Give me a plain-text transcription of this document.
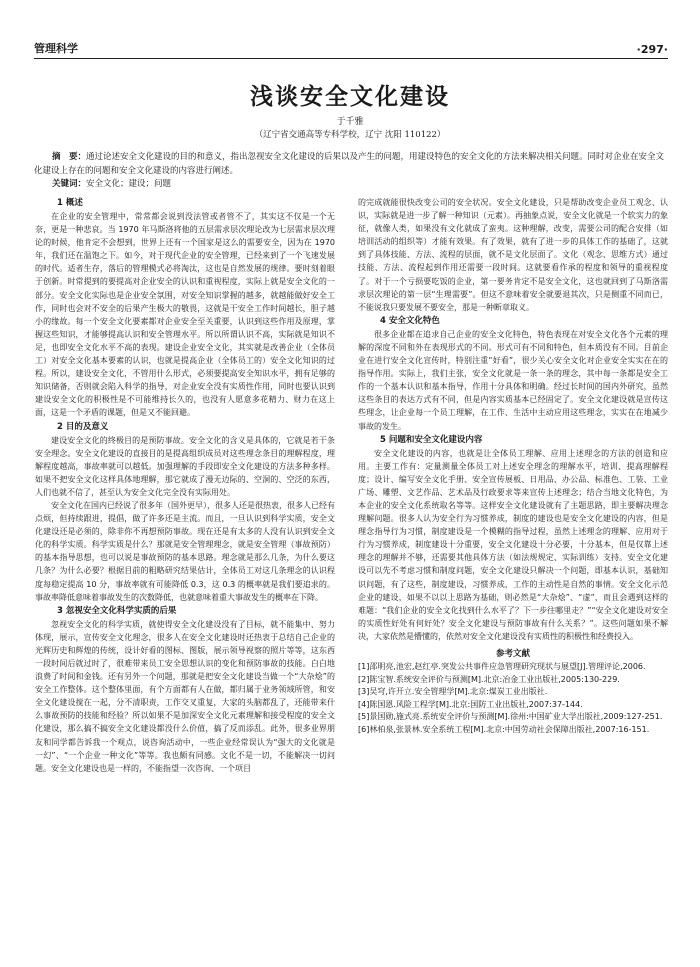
管理科学	·297·
浅谈安全文化建设
于千雅
（辽宁省交通高等专科学校，辽宁 沈阳 110122）
摘　要：通过论述安全文化建设的目的和意义，指出忽视安全文化建设的后果以及产生的问题，用建设特色的安全文化的方法来解决相关问题。同时对企业在安全文化建设上存在的问题和安全文化建设的内容进行阐述。
关键词：安全文化；建设；问题
1 概述

在企业的安全管理中，常常都会说到没法管或者管不了，其实这不仅是一个无奈，更是一种悲哀。当 1970 年马斯洛将他的五层需求层次理论改为七层需求层次理论的时候，他肯定不会想到，世界上还有一个国家是这么的需要安全，因为在 1970 年，我们还在温饱之下。如今，对于现代企业的安全管理，已经来到了一个飞速发展的时代。适者生存，落后的管理模式必将淘汰，这也是自然发展的规律。要时刻着眼于创新。时常提到的要提高对企业安全的认识和重视程度，实际上就是安全文化的一部分。安全文化实际也是企业安全氛围，对安全知识掌握的越多，就越能做好安全工作，同时也会对不安全的后果产生极大的敬畏，这就是干安全工作时间越长，胆子越小的缘故。每一个安全文化要素都对企业安全至关重要，认识到这些作用及原理，掌握这些知识，才能够提高认识和安全管理水平。所以所谓认识不高，实际就是知识不足，也即安全文化水平不高的表现。建设企业安全文化，其实就是改善企业（全体员工）对安全文化基本要素的认识，也就是提高企业（全体员工的）安全文化知识的过程。所以，建设安全文化，不管用什么形式，必须要提高安全知识水平，拥有足够的知识储备，否则就会陷入科学的指导，对企业安全没有实质性作用，同时也要认识到建设安全文化的积极性是不可能维持长久的，也没有人愿意多花精力、财力在这上面，这是一个矛盾的课题，但是又不能回避。

2 目的及意义

建设安全文化的终极目的是预防事故。安全文化的含义是具体的，它就是若干条安全理念。安全文化建设的直接目的是提高组织成员对这些理念条目的理解程度，理解程度越高，事故率就可以越低。加强理解的手段即安全文化建设的方法多种多样。如果不把安全文化这样具体地理解，那它就成了漫无边际的、空洞的、空泛的东西，人们也就不信了，甚至认为安全文化完全没有实际用处。

安全文化在国内已经说了很多年（国外更早），很多人还是很热衷，很多人已经有点烦，但持续跟进，提倡，做了许多还是主流。而且，一旦认识到科学实质，安全文化建设还是必须的，除非你不再想预防事故。现在还是有太多的人没有认识到安全文化的科学实质。科学实质是什么？那就是安全管理理念，就是安全管理（事故预防）的基本指导思想，也可以说是事故预防的基本思路。理念就是那么几条，为什么要这几条？为什么必要？根据目前的粗略研究结果估计，全体员工对这几条理念的认识程度每稳定提高 10 分，事故率就有可能降低 0.3，这 0.3 的概率就是我们要追求的。事故率降低意味着事故发生的次数降低，也就意味着重大事故发生的概率在下降。

3 忽视安全文化科学实质的后果

忽视安全文化的科学实质，就使得安全文化建设没有了目标，就不能集中、努力体现，展示，宣传安全文化理念，很多人在安全文化建设时还热衷于总结自己企业的光辉历史和辉煌的传统，设计好看的图标、图版，展示领导视察的照片等等，这东西一段时间后就过时了，很难带来员工安全思想认识的变化和预防事故的技能。白白地浪费了时间和金钱。还有另外一个问题，那就是把安全文化建设当做一个“大杂烩”的安全工作整体。这个整体里面，有个方面都有人在做，都归属于业务领域所管，和安全文化建设搅在一起，分不清职责，工作交叉重复，大家的头脑都乱了，还能带来什么事故预防的技能和经验？所以如果不是加深安全文化元素理解和接受程度的安全文化建设，那么搞不搞安全文化建设都没什么价值，搞了反而添乱。此外，很多业界朋友和同学都告诉我一个观点，说咨询活动中，一些企业经常误认为“强大的文化就是一幻”、“一个企业一种文化”等等。我也颇有同感。文化不是一切，不能解决一切问题。安全文化建设也是一样的，不能指望一次咨询、一个项目

的完成就能很快改变公司的安全状况。安全文化建设，只是帮助改变企业员工观念、认识，实际就是进一步了解一种知识（元素）。再抽象点说，安全文化就是一个软实力的象征，就像人类，如果没有文化就成了蛮夷。这种理解，改变，需要公司的配合安排（如培训活动的组织等）才能有效果。有了效果，就有了进一步的具体工作的基础了，这就到了具体技能、方法、流程的层面，就不是文化层面了。文化（观念、思维方式）通过技能、方法、流程起到作用还需要一段时间。这就要看作承的程度和领导的重视程度了。对于一个亏损要吃饭的企业，第一要务肯定不是安全文化，这也就回到了马斯洛需求层次理论的第一层“生理需要”。但这不意味着安全就要退其次，只是侧重不同而已，不能说我只要发展不要安全，那是一种断章取义。

4 安全文化特色

很多企业都在追求自己企业的安全文化特色，特色表现在对安全文化各个元素的理解的深度不同和外在表现形式的不同。形式可有不同和特色，但本质没有不同。目前企业在进行安全文化宣传时，特别注重“好看”，很少关心安全文化对企业安全实实在在的指导作用。实际上，我们主张，安全文化就是一条一条的理念，其中每一条都是安全工作的一个基本认识和基本指导，作用十分具体和明确。经过长时间的国内外研究，虽然这些条目的表达方式有不同，但是内容实质基本已经固定了。安全文化建设就是宣传这些理念，让企业每一个员工理解，在工作、生活中主动应用这些理念，实实在在地减少事故的发生。

5 问题和安全文化建设内容

安全文化建设的内容，也就是让全体员工理解、应用上述理念的方法的创造和应用。主要工作有：定量测量全体员工对上述安全理念的理解水平，培训、提高理解程度；设计、编写安全文化手册、安全宣传展板、日用品、办公品、标准色、工装、工业广场、雕塑、文艺作品、艺术品及行政要求等来宣传上述理念；结合当地文化特色，为本企业的安全文化系统取名等等。这样安全文化建设就有了主题思路，即主要解决理念理解问题。很多人认为安全行为习惯养成，制度的建设也是安全文化建设的内容，但是理念指导行为习惯，制度建设是一个模糊的指导过程，虽然上述理念的理解、应用对于行为习惯养成，制度建设十分重要，安全文化建设十分必要，十分基本，但是仅靠上述理念的理解并不够，还需要其他具体方法（如法规规定、实际训练）支持。安全文化建设可以先不考虑习惯和制度问题，安全文化建设只解决一个问题，即基本认识，基础知识问题，有了这些，制度建设，习惯养成，工作的主动性是自然的事情。安全文化示范企业的建设，如果不以以上思路为基础，则必然是“大杂烩”、“虚”，而且会遇到这样的难题：“我们企业的安全文化找到什么水平了？下一步往哪里走？”“安全文化建设对安全的实质性好处有何好处？安全文化建设与预防事故有什么关系？”。这些问题如果不解决，大家依然是懵懂的，依然对安全文化建设没有实质性的积极性和经费投入。

参考文献
[1]邵明亮,池宏,赵红亭.突发公共事件应急管理研究现状与展望[J].管理评论,2006.
[2]陈宝智.系统安全评价与预测[M].北京:冶金工业出版社,2005:130-229.
[3]吴穹,许开立.安全管理学[M].北京:煤炭工业出版社.
[4]陈国恩.风险工程学[M].北京:国防工业出版社,2007:37-144.
[5]景国勋,施式亮.系统安全评价与预测[M].徐州:中国矿业大学出版社,2009:127-251.
[6]林柏泉,张景林.安全系统工程[M].北京:中国劳动社会保障出版社,2007:16-151.
